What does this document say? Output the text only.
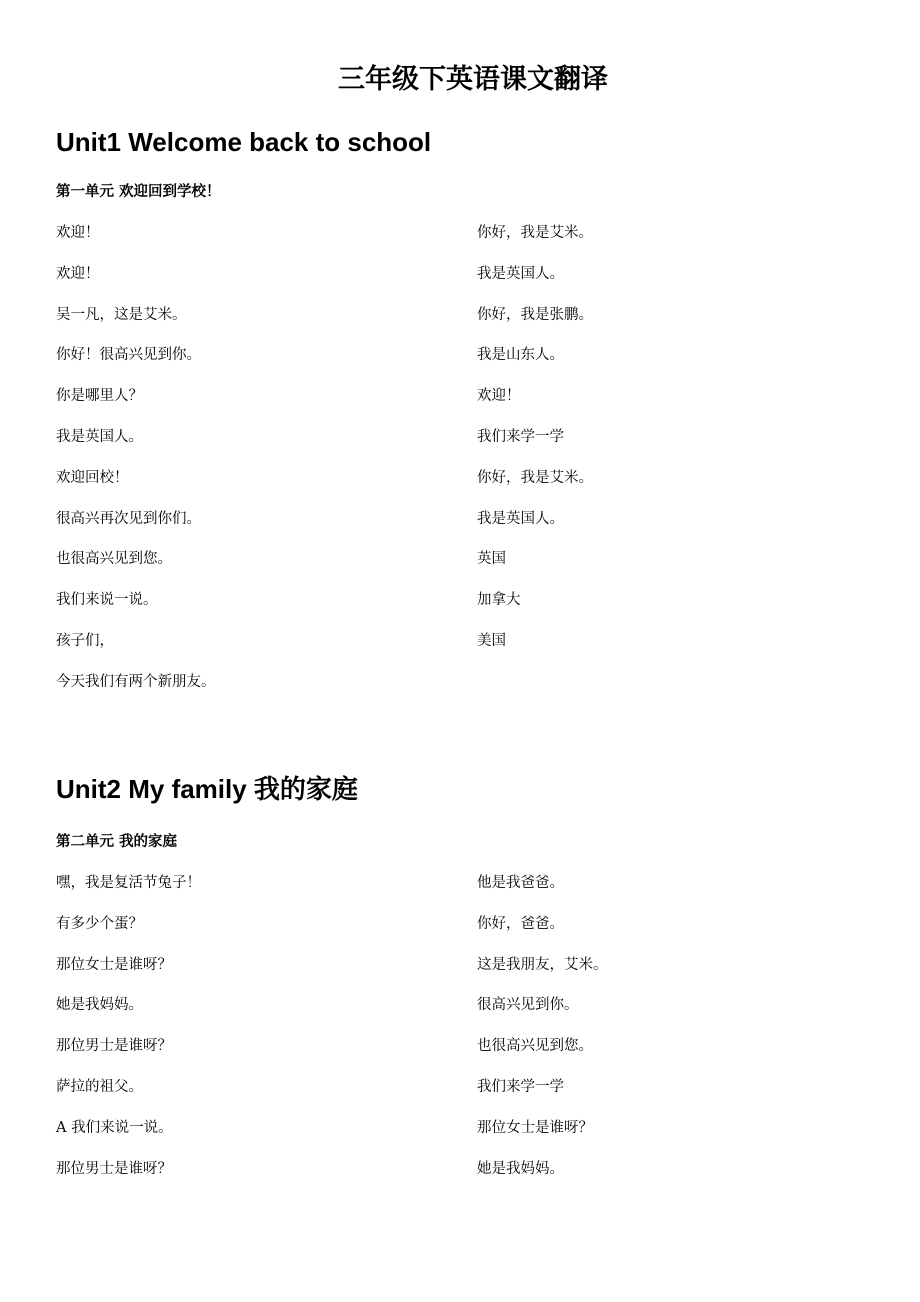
三年级下英语课文翻译
Unit1 Welcome back to school
第一单元 欢迎回到学校！
欢迎！
欢迎！
吴一凡，这是艾米。
你好！很高兴见到你。
你是哪里人？
我是英国人。
欢迎回校！
很高兴再次见到你们。
也很高兴见到您。
我们来说一说。
孩子们，
今天我们有两个新朋友。
你好，我是艾米。
我是英国人。
你好，我是张鹏。
我是山东人。
欢迎！
我们来学一学
你好，我是艾米。
我是英国人。
英国
加拿大
美国
Unit2 My family 我的家庭
第二单元 我的家庭
嘿，我是复活节兔子！
有多少个蛋？
那位女士是谁呀？
她是我妈妈。
那位男士是谁呀？
萨拉的祖父。
A 我们来说一说。
那位男士是谁呀？
他是我爸爸。
你好，爸爸。
这是我朋友，艾米。
很高兴见到你。
也很高兴见到您。
我们来学一学
那位女士是谁呀？
她是我妈妈。
